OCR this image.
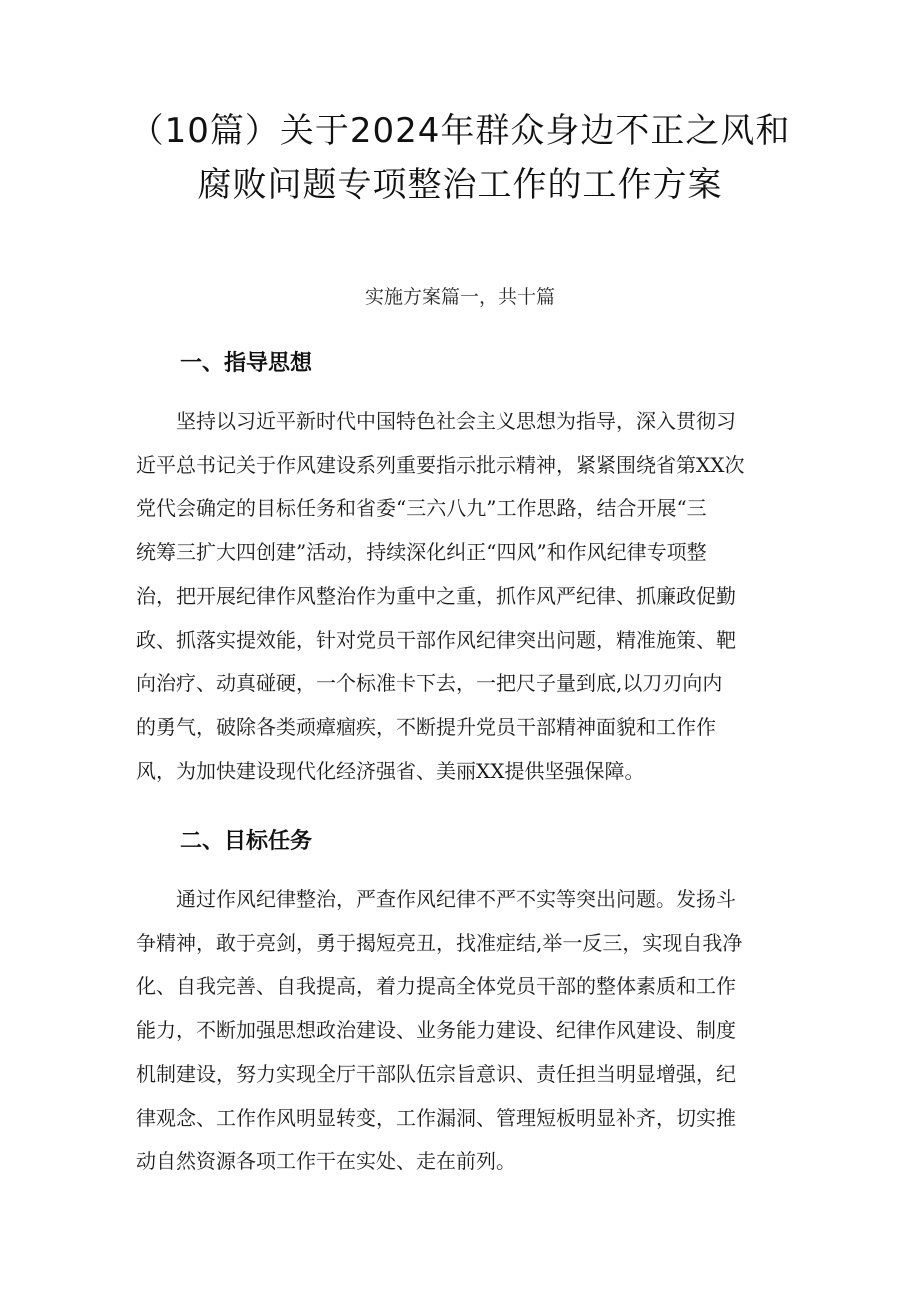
（10篇）关于2024年群众身边不正之风和
腐败问题专项整治工作的工作方案

实施方案篇一，共十篇

一、指导思想
　　坚持以习近平新时代中国特色社会主义思想为指导，深入贯彻习
近平总书记关于作风建设系列重要指示批示精神，紧紧围绕省第XX次
党代会确定的目标任务和省委“三六八九”工作思路，结合开展“三
统筹三扩大四创建”活动，持续深化纠正“四风”和作风纪律专项整
治，把开展纪律作风整治作为重中之重，抓作风严纪律、抓廉政促勤
政、抓落实提效能，针对党员干部作风纪律突出问题，精准施策、靶
向治疗、动真碰硬，一个标准卡下去，一把尺子量到底,以刀刃向内
的勇气，破除各类顽瘴痼疾，不断提升党员干部精神面貌和工作作
风，为加快建设现代化经济强省、美丽XX提供坚强保障。
二、目标任务
　　通过作风纪律整治，严查作风纪律不严不实等突出问题。发扬斗
争精神，敢于亮剑，勇于揭短亮丑，找准症结,举一反三，实现自我净
化、自我完善、自我提高，着力提高全体党员干部的整体素质和工作
能力，不断加强思想政治建设、业务能力建设、纪律作风建设、制度
机制建设，努力实现全厅干部队伍宗旨意识、责任担当明显增强，纪
律观念、工作作风明显转变，工作漏洞、管理短板明显补齐，切实推
动自然资源各项工作干在实处、走在前列。
